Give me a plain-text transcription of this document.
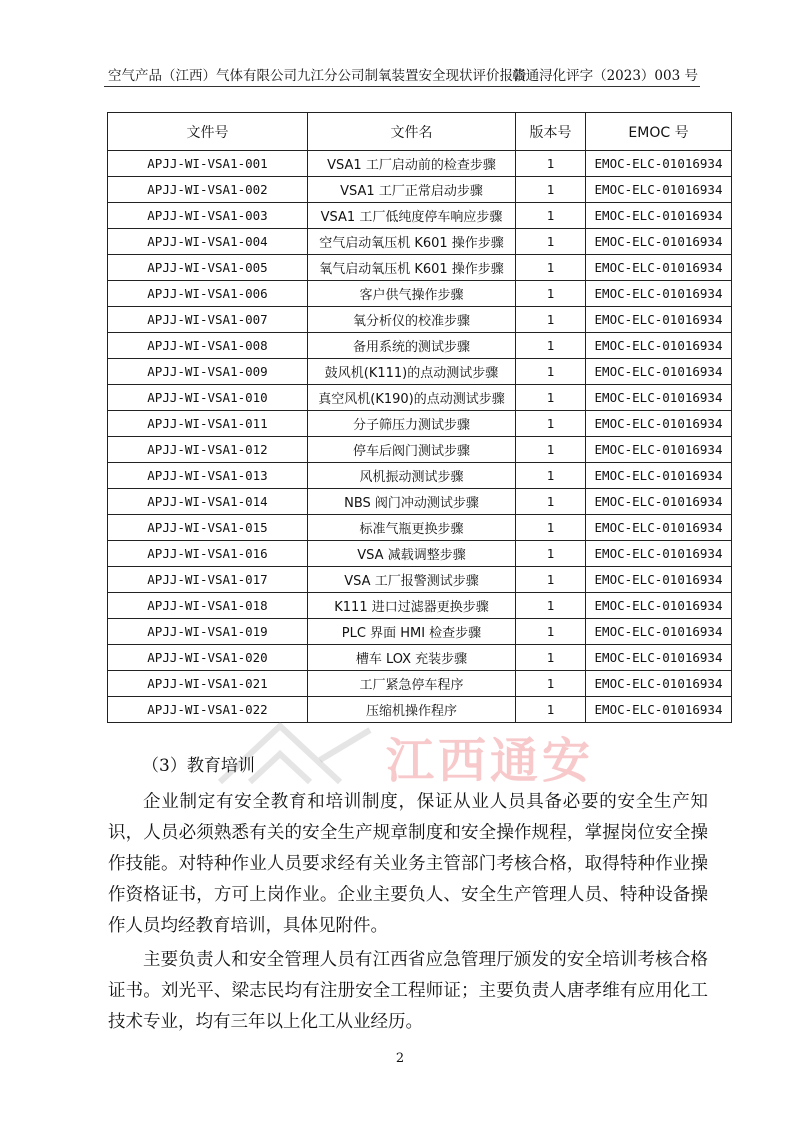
空气产品（江西）气体有限公司九江分公司制氧装置安全现状评价报告
赣通浔化评字（2023）003 号
文件号	文件名	版本号	EMOC 号
APJJ-WI-VSA1-001	VSA1 工厂启动前的检查步骤	1	EMOC-ELC-01016934
APJJ-WI-VSA1-002	VSA1 工厂正常启动步骤	1	EMOC-ELC-01016934
APJJ-WI-VSA1-003	VSA1 工厂低纯度停车响应步骤	1	EMOC-ELC-01016934
APJJ-WI-VSA1-004	空气启动氧压机 K601 操作步骤	1	EMOC-ELC-01016934
APJJ-WI-VSA1-005	氧气启动氧压机 K601 操作步骤	1	EMOC-ELC-01016934
APJJ-WI-VSA1-006	客户供气操作步骤	1	EMOC-ELC-01016934
APJJ-WI-VSA1-007	氧分析仪的校准步骤	1	EMOC-ELC-01016934
APJJ-WI-VSA1-008	备用系统的测试步骤	1	EMOC-ELC-01016934
APJJ-WI-VSA1-009	鼓风机(K111)的点动测试步骤	1	EMOC-ELC-01016934
APJJ-WI-VSA1-010	真空风机(K190)的点动测试步骤	1	EMOC-ELC-01016934
APJJ-WI-VSA1-011	分子筛压力测试步骤	1	EMOC-ELC-01016934
APJJ-WI-VSA1-012	停车后阀门测试步骤	1	EMOC-ELC-01016934
APJJ-WI-VSA1-013	风机振动测试步骤	1	EMOC-ELC-01016934
APJJ-WI-VSA1-014	NBS 阀门冲动测试步骤	1	EMOC-ELC-01016934
APJJ-WI-VSA1-015	标准气瓶更换步骤	1	EMOC-ELC-01016934
APJJ-WI-VSA1-016	VSA 减载调整步骤	1	EMOC-ELC-01016934
APJJ-WI-VSA1-017	VSA 工厂报警测试步骤	1	EMOC-ELC-01016934
APJJ-WI-VSA1-018	K111 进口过滤器更换步骤	1	EMOC-ELC-01016934
APJJ-WI-VSA1-019	PLC 界面 HMI 检查步骤	1	EMOC-ELC-01016934
APJJ-WI-VSA1-020	槽车 LOX 充装步骤	1	EMOC-ELC-01016934
APJJ-WI-VSA1-021	工厂紧急停车程序	1	EMOC-ELC-01016934
APJJ-WI-VSA1-022	压缩机操作程序	1	EMOC-ELC-01016934
江西通安
（3）教育培训
企业制定有安全教育和培训制度，保证从业人员具备必要的安全生产知识，人员必须熟悉有关的安全生产规章制度和安全操作规程，掌握岗位安全操作技能。对特种作业人员要求经有关业务主管部门考核合格，取得特种作业操作资格证书，方可上岗作业。企业主要负人、安全生产管理人员、特种设备操作人员均经教育培训，具体见附件。
主要负责人和安全管理人员有江西省应急管理厅颁发的安全培训考核合格证书。刘光平、梁志民均有注册安全工程师证；主要负责人唐孝维有应用化工技术专业，均有三年以上化工从业经历。
2
